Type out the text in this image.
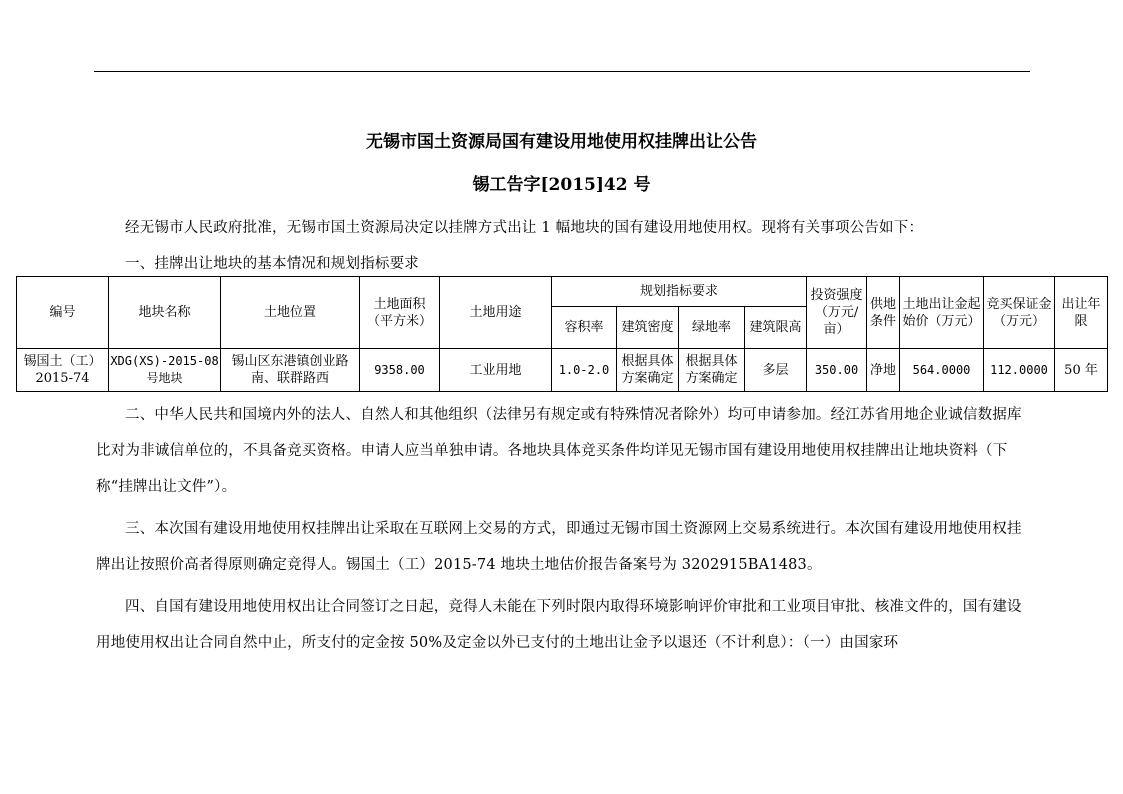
无锡市国土资源局国有建设用地使用权挂牌出让公告
锡工告字[2015]42 号

经无锡市人民政府批准，无锡市国土资源局决定以挂牌方式出让 1 幅地块的国有建设用地使用权。现将有关事项公告如下：

一、挂牌出让地块的基本情况和规划指标要求

编号	地块名称	土地位置	土地面积（平方米）	土地用途	规划指标要求				投资强度（万元/亩）	供地条件	土地出让金起始价（万元）	竞买保证金（万元）	出让年限
					容积率	建筑密度	绿地率	建筑限高					
锡国土（工）2015-74	XDG(XS)-2015-08号地块	锡山区东港镇创业路南、联群路西	9358.00	工业用地	1.0-2.0	根据具体方案确定	根据具体方案确定	多层	350.00	净地	564.0000	112.0000	50 年

二、中华人民共和国境内外的法人、自然人和其他组织（法律另有规定或有特殊情况者除外）均可申请参加。经江苏省用地企业诚信数据库比对为非诚信单位的，不具备竞买资格。申请人应当单独申请。各地块具体竞买条件均详见无锡市国有建设用地使用权挂牌出让地块资料（下称“挂牌出让文件”）。

三、本次国有建设用地使用权挂牌出让采取在互联网上交易的方式，即通过无锡市国土资源网上交易系统进行。本次国有建设用地使用权挂牌出让按照价高者得原则确定竞得人。锡国土（工）2015-74 地块土地估价报告备案号为 3202915BA1483。

四、自国有建设用地使用权出让合同签订之日起，竞得人未能在下列时限内取得环境影响评价审批和工业项目审批、核准文件的，国有建设用地使用权出让合同自然中止，所支付的定金按 50%及定金以外已支付的土地出让金予以退还（不计利息）：（一）由国家环
